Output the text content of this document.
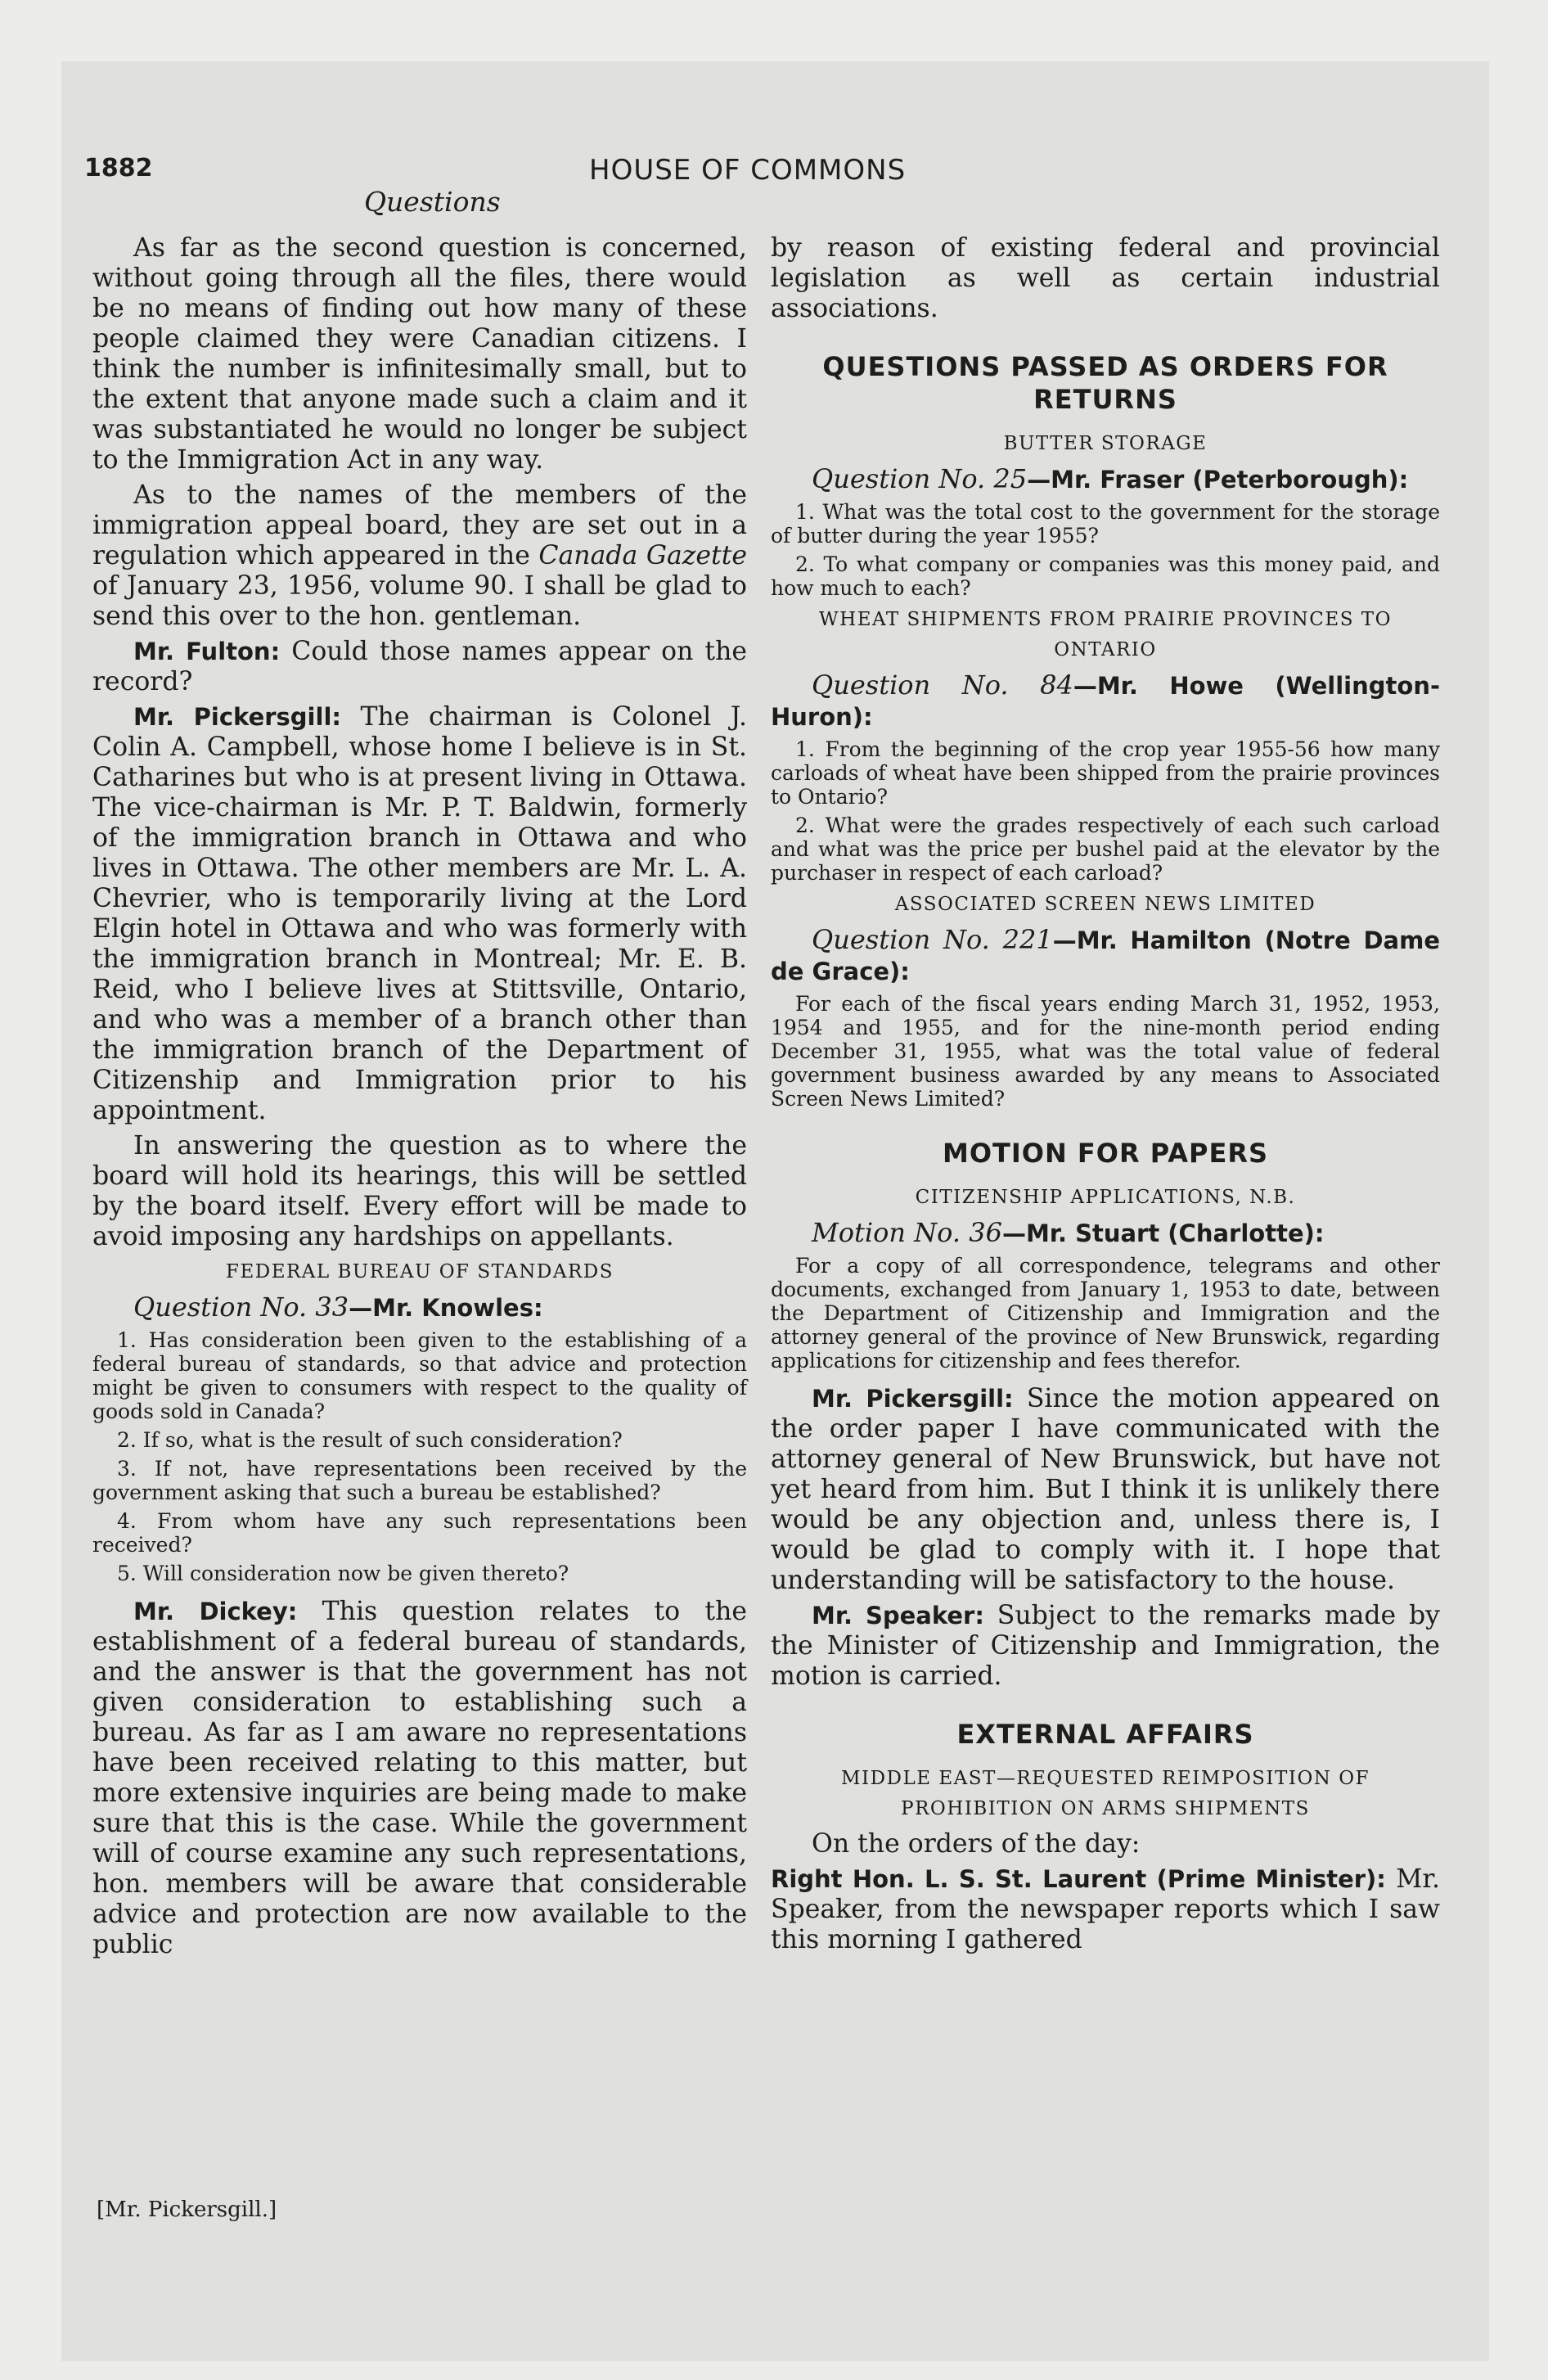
1882	HOUSE OF COMMONS
Questions

As far as the second question is concerned, without going through all the files, there would be no means of finding out how many of these people claimed they were Canadian citizens. I think the number is infinitesimally small, but to the extent that anyone made such a claim and it was substantiated he would no longer be subject to the Immigration Act in any way.

As to the names of the members of the immigration appeal board, they are set out in a regulation which appeared in the Canada Gazette of January 23, 1956, volume 90. I shall be glad to send this over to the hon. gentleman.

Mr. Fulton: Could those names appear on the record?

Mr. Pickersgill: The chairman is Colonel J. Colin A. Campbell, whose home I believe is in St. Catharines but who is at present living in Ottawa. The vice-chairman is Mr. P. T. Baldwin, formerly of the immigration branch in Ottawa and who lives in Ottawa. The other members are Mr. L. A. Chevrier, who is temporarily living at the Lord Elgin hotel in Ottawa and who was formerly with the immigration branch in Montreal; Mr. E. B. Reid, who I believe lives at Stittsville, Ontario, and who was a member of a branch other than the immigration branch of the Department of Citizenship and Immigration prior to his appointment.

In answering the question as to where the board will hold its hearings, this will be settled by the board itself. Every effort will be made to avoid imposing any hardships on appellants.

FEDERAL BUREAU OF STANDARDS

Question No. 33—Mr. Knowles:

1. Has consideration been given to the establishing of a federal bureau of standards, so that advice and protection might be given to consumers with respect to the quality of goods sold in Canada?

2. If so, what is the result of such consideration?

3. If not, have representations been received by the government asking that such a bureau be established?

4. From whom have any such representations been received?

5. Will consideration now be given thereto?

Mr. Dickey: This question relates to the establishment of a federal bureau of standards, and the answer is that the government has not given consideration to establishing such a bureau. As far as I am aware no representations have been received relating to this matter, but more extensive inquiries are being made to make sure that this is the case. While the government will of course examine any such representations, hon. members will be aware that considerable advice and protection are now available to the public

[Mr. Pickersgill.]

by reason of existing federal and provincial legislation as well as certain industrial associations.

QUESTIONS PASSED AS ORDERS FOR RETURNS

BUTTER STORAGE

Question No. 25—Mr. Fraser (Peterborough):

1. What was the total cost to the government for the storage of butter during the year 1955?

2. To what company or companies was this money paid, and how much to each?

WHEAT SHIPMENTS FROM PRAIRIE PROVINCES TO ONTARIO

Question No. 84—Mr. Howe (Wellington-Huron):

1. From the beginning of the crop year 1955-56 how many carloads of wheat have been shipped from the prairie provinces to Ontario?

2. What were the grades respectively of each such carload and what was the price per bushel paid at the elevator by the purchaser in respect of each carload?

ASSOCIATED SCREEN NEWS LIMITED

Question No. 221—Mr. Hamilton (Notre Dame de Grace):

For each of the fiscal years ending March 31, 1952, 1953, 1954 and 1955, and for the nine-month period ending December 31, 1955, what was the total value of federal government business awarded by any means to Associated Screen News Limited?

MOTION FOR PAPERS

CITIZENSHIP APPLICATIONS, N.B.

Motion No. 36—Mr. Stuart (Charlotte):

For a copy of all correspondence, telegrams and other documents, exchanged from January 1, 1953 to date, between the Department of Citizenship and Immigration and the attorney general of the province of New Brunswick, regarding applications for citizenship and fees therefor.

Mr. Pickersgill: Since the motion appeared on the order paper I have communicated with the attorney general of New Brunswick, but have not yet heard from him. But I think it is unlikely there would be any objection and, unless there is, I would be glad to comply with it. I hope that understanding will be satisfactory to the house.

Mr. Speaker: Subject to the remarks made by the Minister of Citizenship and Immigration, the motion is carried.

EXTERNAL AFFAIRS

MIDDLE EAST—REQUESTED REIMPOSITION OF PROHIBITION ON ARMS SHIPMENTS

On the orders of the day:

Right Hon. L. S. St. Laurent (Prime Minister): Mr. Speaker, from the newspaper reports which I saw this morning I gathered
